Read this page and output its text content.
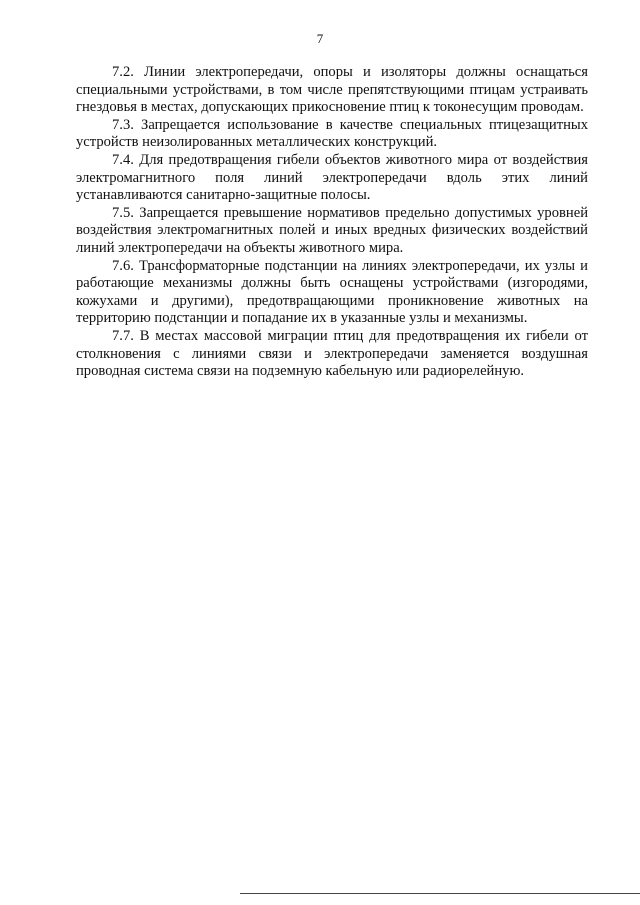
7

7.2. Линии электропередачи, опоры и изоляторы должны оснащаться специальными устройствами, в том числе препятствующими птицам устраивать гнездовья в местах, допускающих прикосновение птиц к токонесущим проводам.

7.3. Запрещается использование в качестве специальных птицезащитных устройств неизолированных металлических конструкций.

7.4. Для предотвращения гибели объектов животного мира от воздействия электромагнитного поля линий электропередачи вдоль этих линий устанавливаются санитарно-защитные полосы.

7.5. Запрещается превышение нормативов предельно допустимых уровней воздействия электромагнитных полей и иных вредных физических воздействий линий электропередачи на объекты животного мира.

7.6. Трансформаторные подстанции на линиях электропередачи, их узлы и работающие механизмы должны быть оснащены устройствами (изгородями, кожухами и другими), предотвращающими проникновение животных на территорию подстанции и попадание их в указанные узлы и механизмы.

7.7. В местах массовой миграции птиц для предотвращения их гибели от столкновения с линиями связи и электропередачи заменяется воздушная проводная система связи на подземную кабельную или радиорелейную.
